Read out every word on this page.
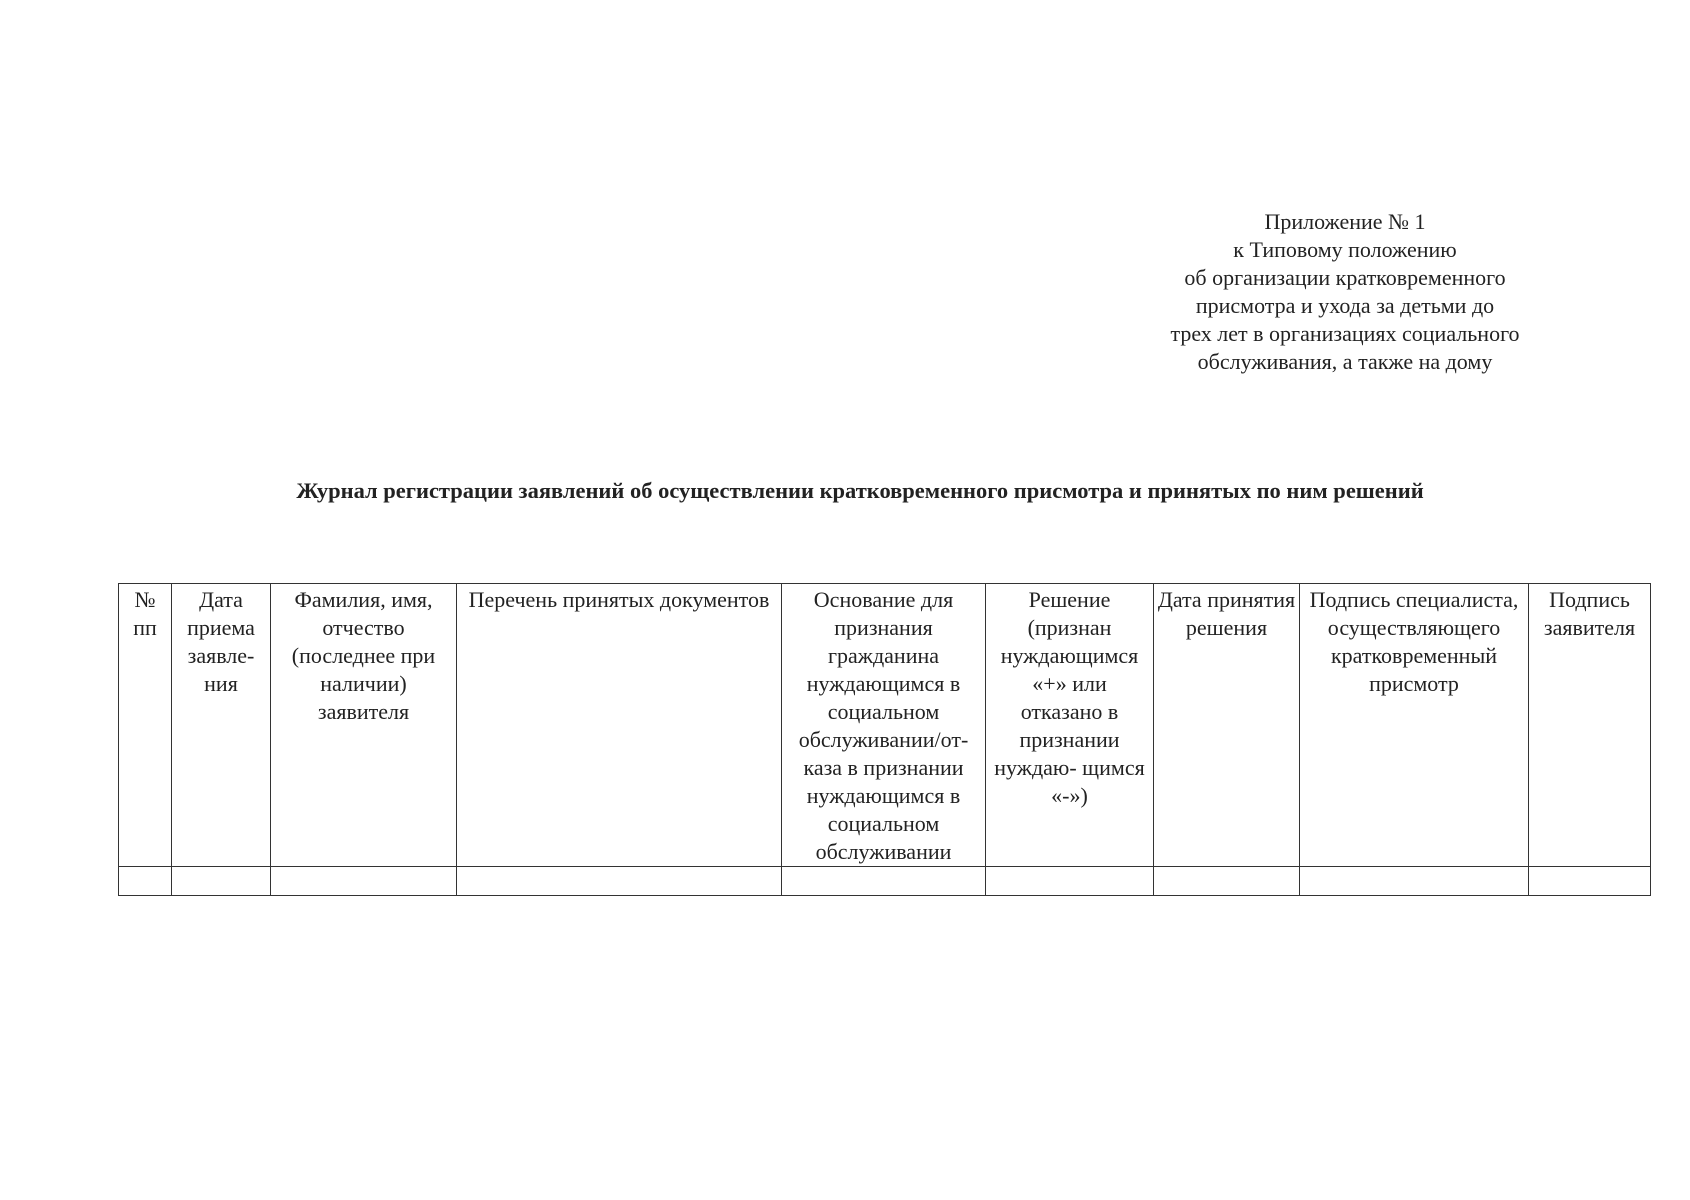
Приложение № 1
к Типовому положению
об организации кратковременного
присмотра и ухода за детьми до
трех лет в организациях социального
обслуживания, а также на дому
Журнал регистрации заявлений об осуществлении кратковременного присмотра и принятых по ним решений
№ пп	Дата приема заявления	Фамилия, имя, отчество (последнее при наличии) заявителя	Перечень принятых документов	Основание для признания гражданина нуждающимся в социальном обслуживании/отказа в признании нуждающимся в социальном обслуживании	Решение (признан нуждающимся «+» или отказано в признании нуждаю- щимся «-»)	Дата принятия решения	Подпись специалиста, осуществляющего кратковременный присмотр	Подпись заявителя
